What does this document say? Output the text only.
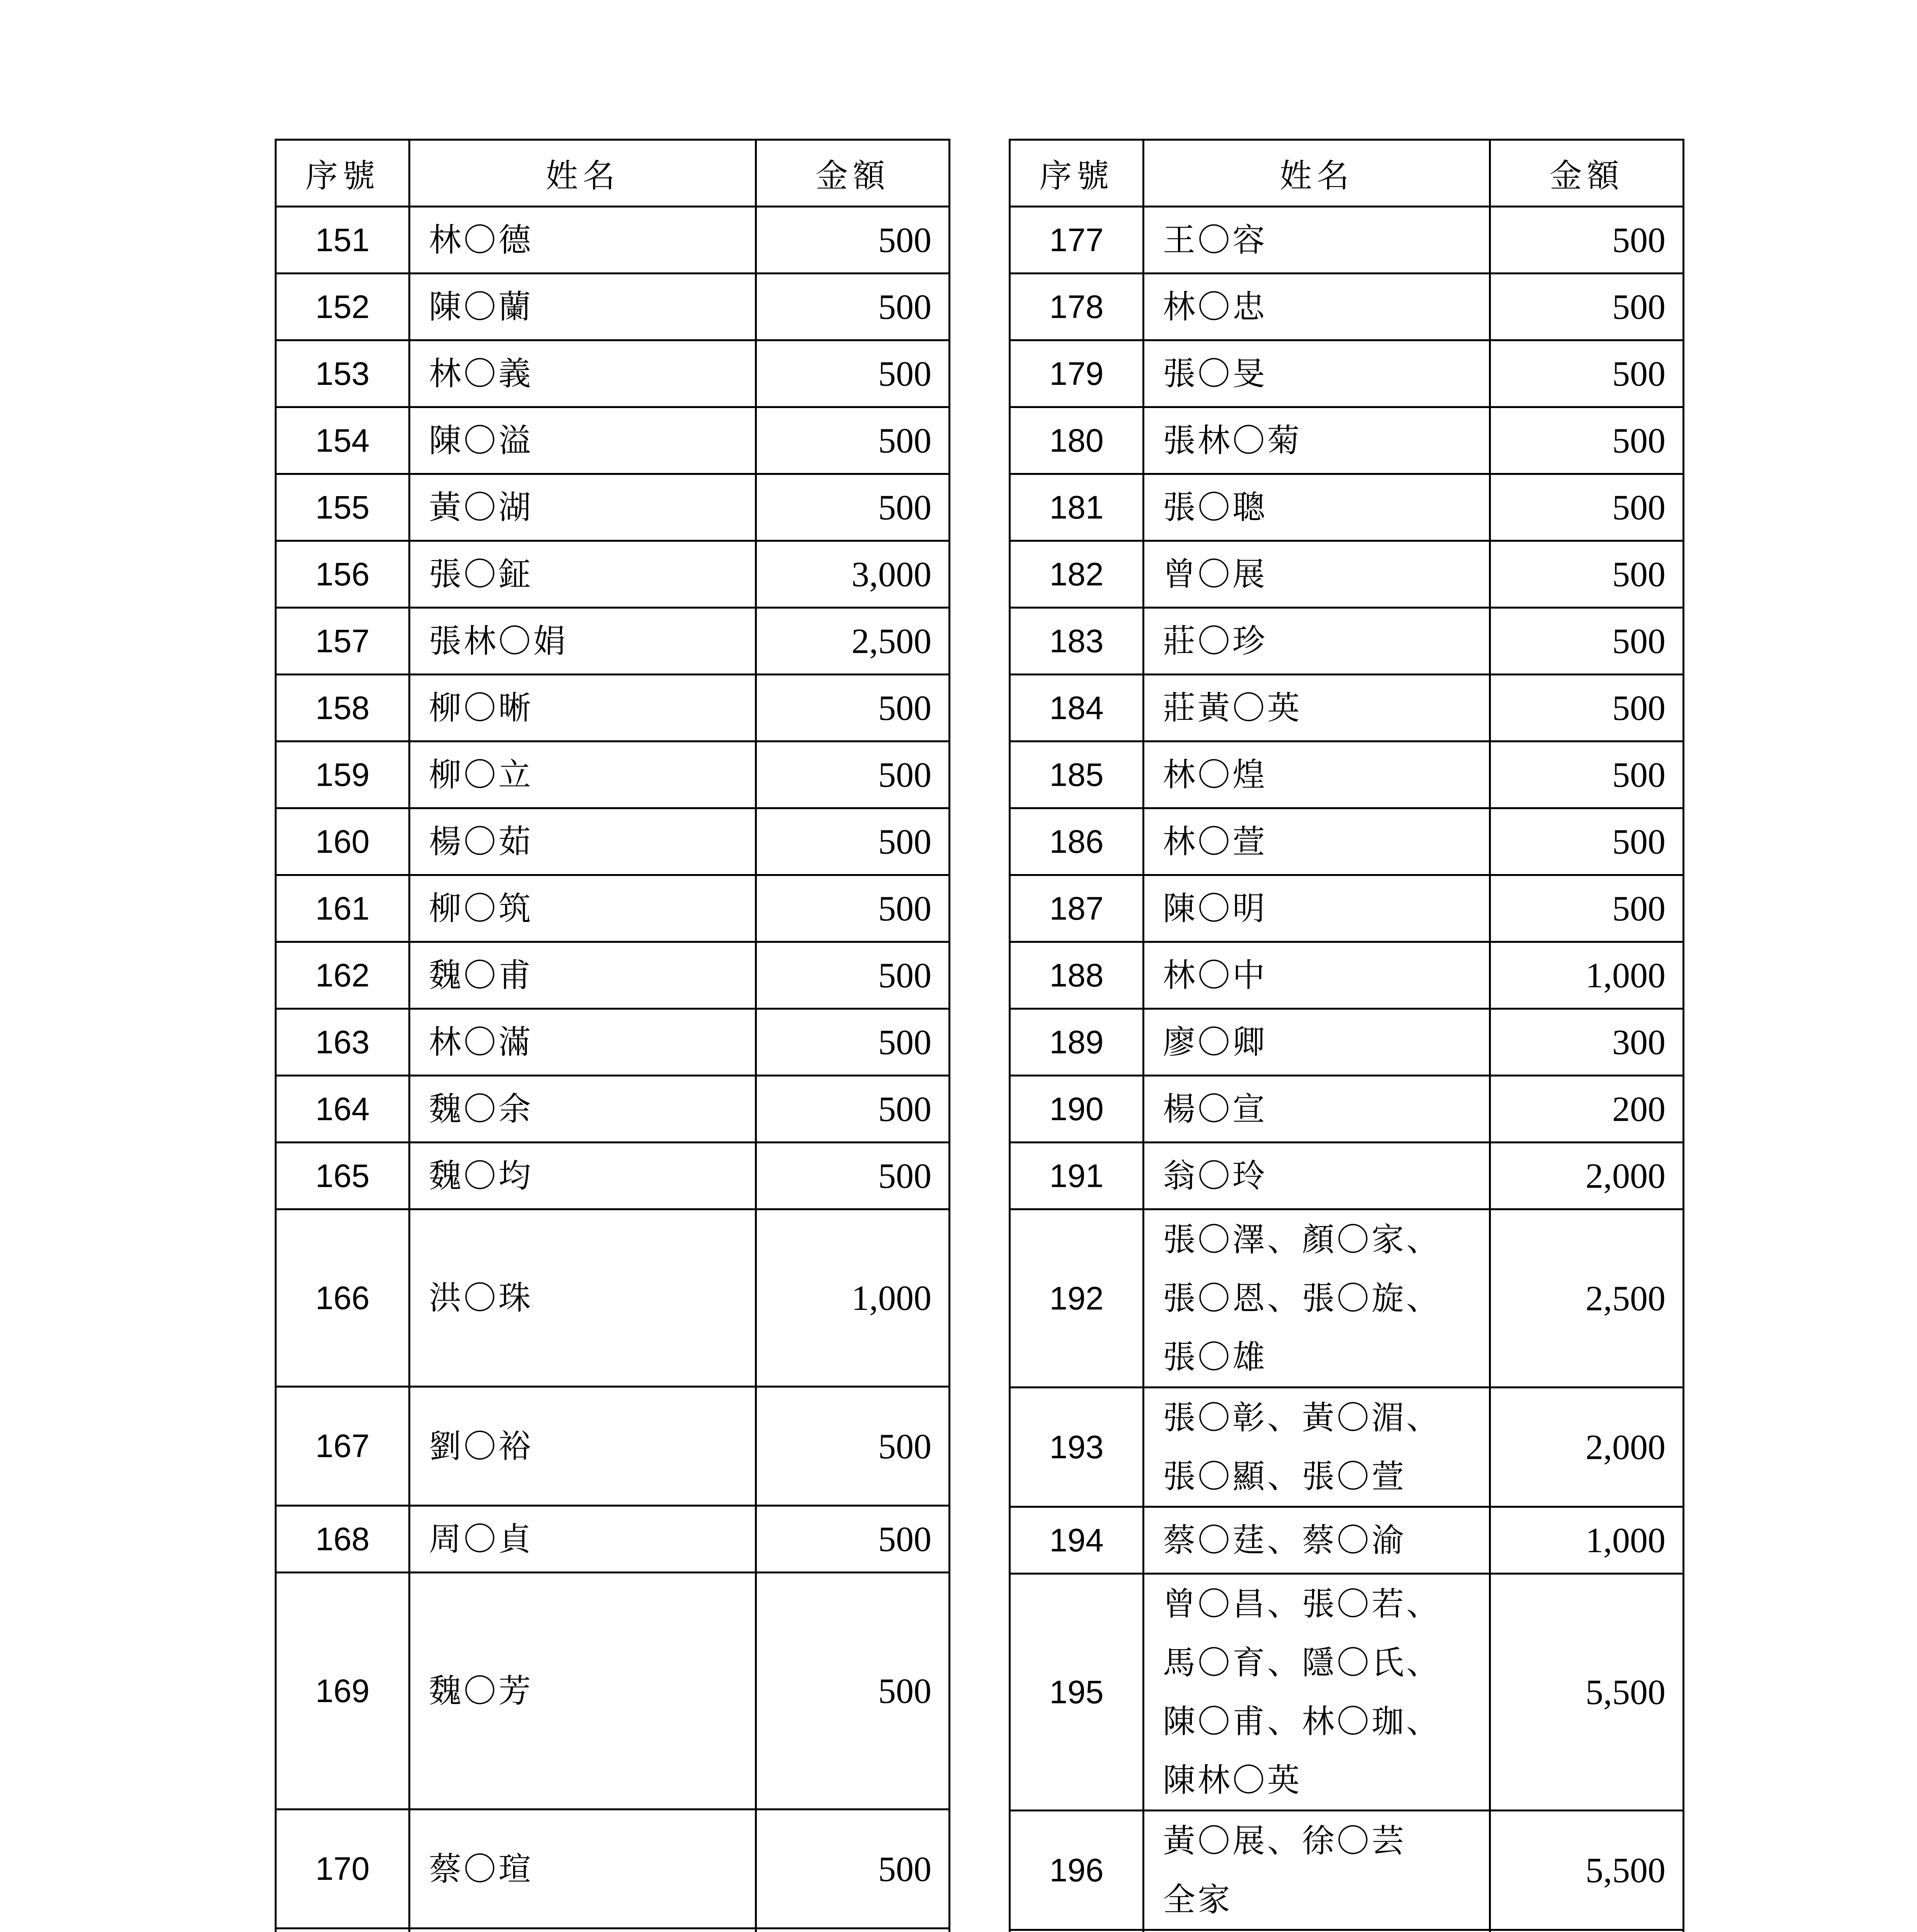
序號	姓名	金額
151	林〇德	500
152	陳〇蘭	500
153	林〇義	500
154	陳〇溢	500
155	黃〇湖	500
156	張〇鉦	3,000
157	張林〇娟	2,500
158	柳〇晰	500
159	柳〇立	500
160	楊〇茹	500
161	柳〇筑	500
162	魏〇甫	500
163	林〇滿	500
164	魏〇余	500
165	魏〇均	500
166	洪〇珠	1,000
167	劉〇裕	500
168	周〇貞	500
169	魏〇芳	500
170	蔡〇瑄	500

序號	姓名	金額
177	王〇容	500
178	林〇忠	500
179	張〇旻	500
180	張林〇菊	500
181	張〇聰	500
182	曾〇展	500
183	莊〇珍	500
184	莊黃〇英	500
185	林〇煌	500
186	林〇萱	500
187	陳〇明	500
188	林〇中	1,000
189	廖〇卿	300
190	楊〇宣	200
191	翁〇玲	2,000
192	張〇澤、顏〇家、
張〇恩、張〇旋、
張〇雄	2,500
193	張〇彰、黃〇湄、
張〇顯、張〇萱	2,000
194	蔡〇莛、蔡〇渝	1,000
195	曾〇昌、張〇若、
馬〇育、隱〇氏、
陳〇甫、林〇珈、
陳林〇英	5,500
196	黃〇展、徐〇芸
全家	5,500
